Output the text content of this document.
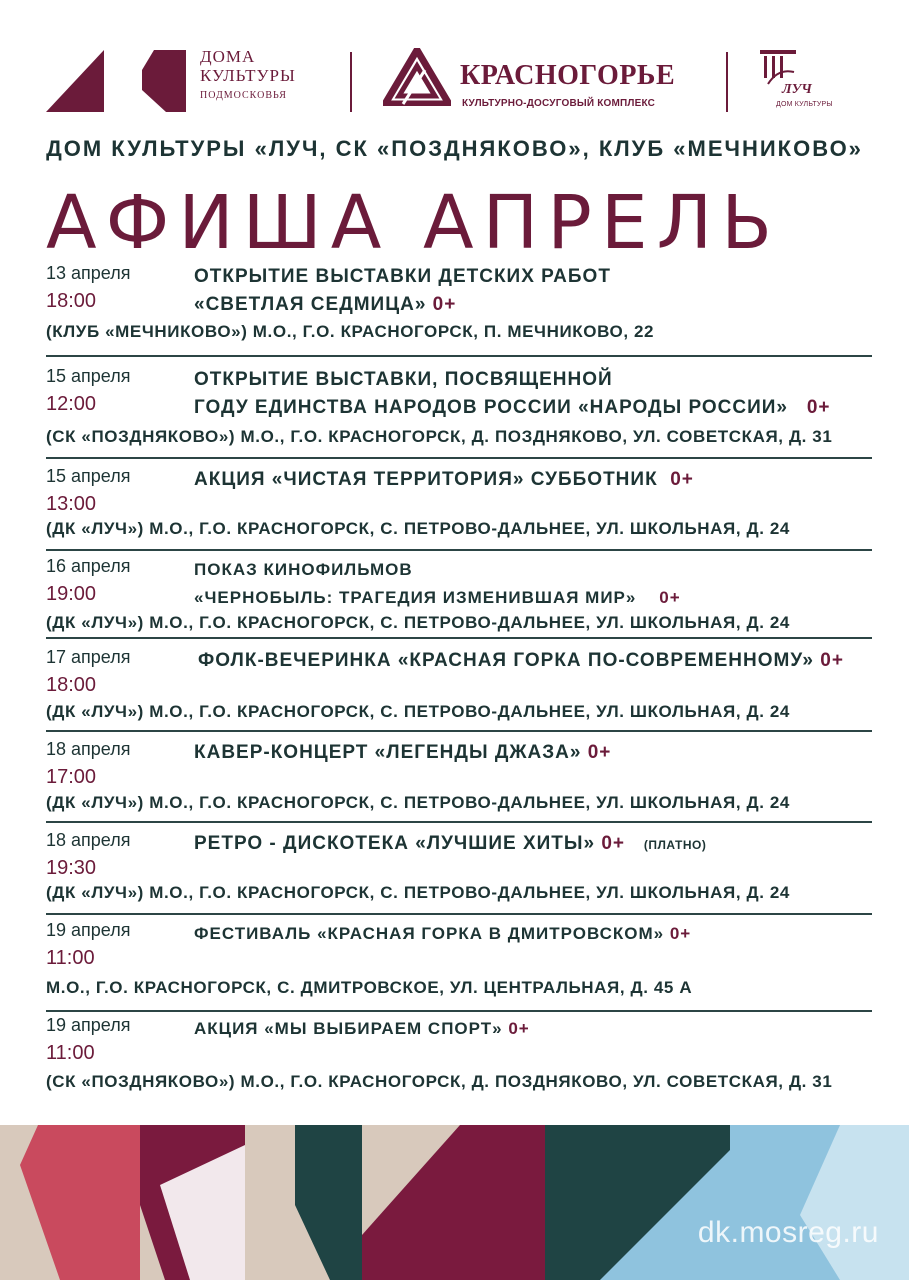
ДОМА
КУЛЬТУРЫ
ПОДМОСКОВЬЯ
КРАСНОГОРЬЕ
КУЛЬТУРНО-ДОСУГОВЫЙ КОМПЛЕКС
ЛУЧ
ДОМ КУЛЬТУРЫ
ДОМ КУЛЬТУРЫ «ЛУЧ, СК «ПОЗДНЯКОВО», КЛУБ «МЕЧНИКОВО»
АФИША АПРЕЛЬ
13 апреля
18:00
ОТКРЫТИЕ ВЫСТАВКИ ДЕТСКИХ РАБОТ
«СВЕТЛАЯ СЕДМИЦА» 0+
(КЛУБ «МЕЧНИКОВО») М.О., Г.О. КРАСНОГОРСК, П. МЕЧНИКОВО, 22
15 апреля
12:00
ОТКРЫТИЕ ВЫСТАВКИ, ПОСВЯЩЕННОЙ
ГОДУ ЕДИНСТВА НАРОДОВ РОССИИ «НАРОДЫ РОССИИ» 0+
(СК «ПОЗДНЯКОВО») М.О., Г.О. КРАСНОГОРСК, Д. ПОЗДНЯКОВО, УЛ. СОВЕТСКАЯ, Д. 31
15 апреля
13:00
АКЦИЯ «ЧИСТАЯ ТЕРРИТОРИЯ» СУББОТНИК 0+
(ДК «ЛУЧ») М.О., Г.О. КРАСНОГОРСК, С. ПЕТРОВО-ДАЛЬНЕЕ, УЛ. ШКОЛЬНАЯ, Д. 24
16 апреля
19:00
ПОКАЗ КИНОФИЛЬМОВ
«ЧЕРНОБЫЛЬ: ТРАГЕДИЯ ИЗМЕНИВШАЯ МИР» 0+
(ДК «ЛУЧ») М.О., Г.О. КРАСНОГОРСК, С. ПЕТРОВО-ДАЛЬНЕЕ, УЛ. ШКОЛЬНАЯ, Д. 24
17 апреля
18:00
ФОЛК-ВЕЧЕРИНКА «КРАСНАЯ ГОРКА ПО-СОВРЕМЕННОМУ» 0+
(ДК «ЛУЧ») М.О., Г.О. КРАСНОГОРСК, С. ПЕТРОВО-ДАЛЬНЕЕ, УЛ. ШКОЛЬНАЯ, Д. 24
18 апреля
17:00
КАВЕР-КОНЦЕРТ «ЛЕГЕНДЫ ДЖАЗА» 0+
(ДК «ЛУЧ») М.О., Г.О. КРАСНОГОРСК, С. ПЕТРОВО-ДАЛЬНЕЕ, УЛ. ШКОЛЬНАЯ, Д. 24
18 апреля
19:30
РЕТРО - ДИСКОТЕКА «ЛУЧШИЕ ХИТЫ» 0+ (ПЛАТНО)
(ДК «ЛУЧ») М.О., Г.О. КРАСНОГОРСК, С. ПЕТРОВО-ДАЛЬНЕЕ, УЛ. ШКОЛЬНАЯ, Д. 24
19 апреля
11:00
ФЕСТИВАЛЬ «КРАСНАЯ ГОРКА В ДМИТРОВСКОМ» 0+
М.О., Г.О. КРАСНОГОРСК, С. ДМИТРОВСКОЕ, УЛ. ЦЕНТРАЛЬНАЯ, Д. 45 А
19 апреля
11:00
АКЦИЯ «МЫ ВЫБИРАЕМ СПОРТ» 0+
(СК «ПОЗДНЯКОВО») М.О., Г.О. КРАСНОГОРСК, Д. ПОЗДНЯКОВО, УЛ. СОВЕТСКАЯ, Д. 31
dk.mosreg.ru
